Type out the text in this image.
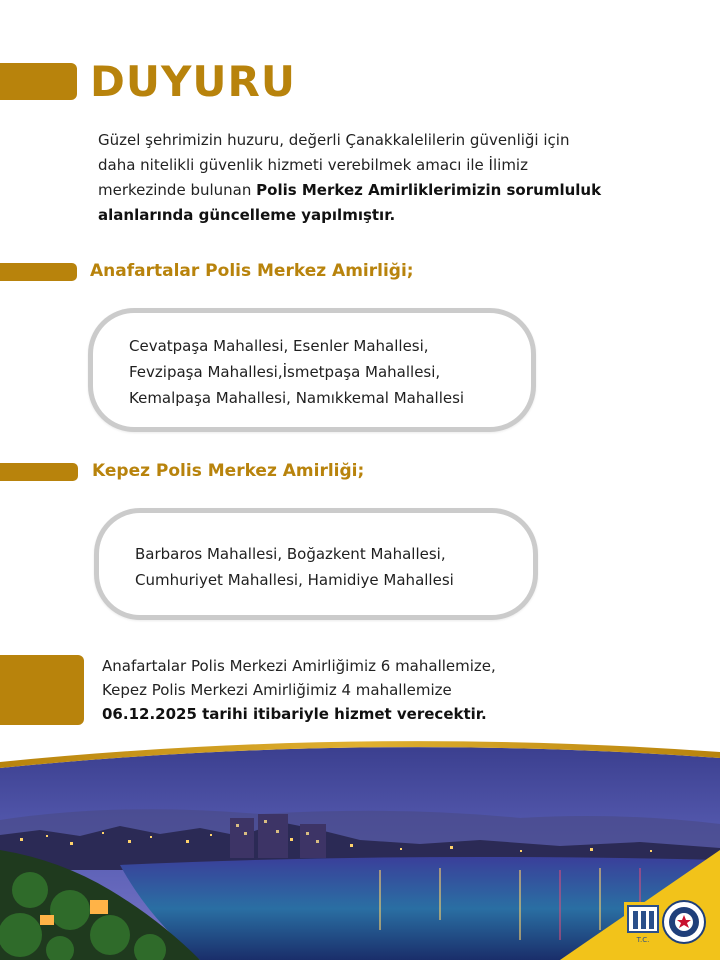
DUYURU
Güzel şehrimizin huzuru, değerli Çanakkalelilerin güvenliği için
daha nitelikli güvenlik hizmeti verebilmek amacı ile İlimiz
merkezinde bulunan Polis Merkez Amirliklerimizin sorumluluk
alanlarında güncelleme yapılmıştır.
Anafartalar Polis Merkez Amirliği;
Cevatpaşa Mahallesi, Esenler Mahallesi,
Fevzipaşa Mahallesi,İsmetpaşa Mahallesi,
Kemalpaşa Mahallesi, Namıkkemal Mahallesi
Kepez Polis Merkez Amirliği;
Barbaros Mahallesi, Boğazkent Mahallesi,
Cumhuriyet Mahallesi, Hamidiye Mahallesi
Anafartalar Polis Merkezi Amirliğimiz 6 mahallemize,
Kepez Polis Merkezi Amirliğimiz 4 mahallemize
06.12.2025 tarihi itibariyle hizmet verecektir.
T.C.
